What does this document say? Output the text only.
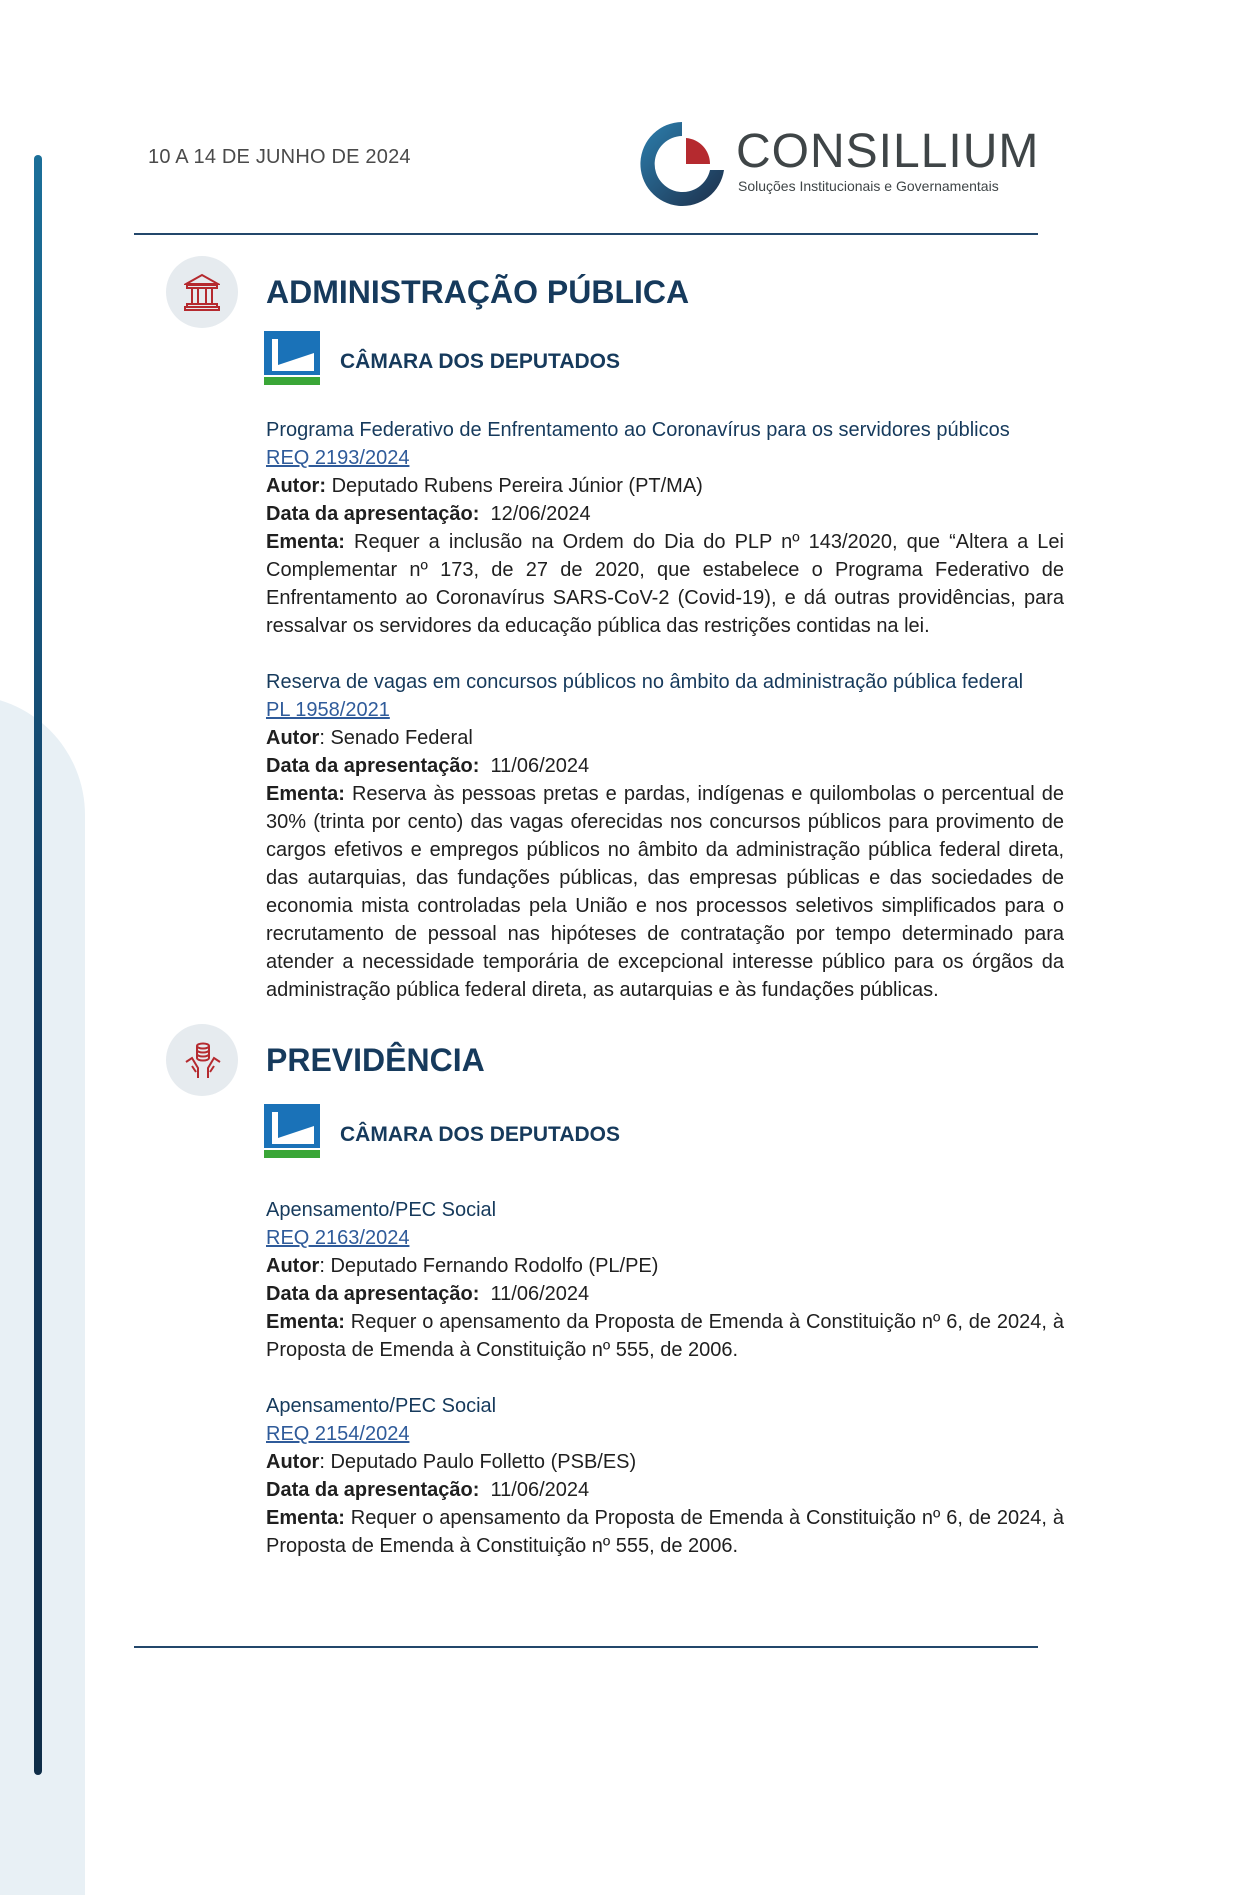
10 A 14 DE JUNHO DE 2024	CONSILLIUM
Soluções Institucionais e Governamentais
ADMINISTRAÇÃO PÚBLICA
CÂMARA DOS DEPUTADOS
Programa Federativo de Enfrentamento ao Coronavírus para os servidores públicos
REQ 2193/2024
Autor: Deputado Rubens Pereira Júnior (PT/MA)
Data da apresentação: 12/06/2024
Ementa: Requer a inclusão na Ordem do Dia do PLP nº 143/2020, que “Altera a Lei Complementar nº 173, de 27 de 2020, que estabelece o Programa Federativo de Enfrentamento ao Coronavírus SARS-CoV-2 (Covid-19), e dá outras providências, para ressalvar os servidores da educação pública das restrições contidas na lei.
Reserva de vagas em concursos públicos no âmbito da administração pública federal
PL 1958/2021
Autor: Senado Federal
Data da apresentação: 11/06/2024
Ementa: Reserva às pessoas pretas e pardas, indígenas e quilombolas o percentual de 30% (trinta por cento) das vagas oferecidas nos concursos públicos para provimento de cargos efetivos e empregos públicos no âmbito da administração pública federal direta, das autarquias, das fundações públicas, das empresas públicas e das sociedades de economia mista controladas pela União e nos processos seletivos simplificados para o recrutamento de pessoal nas hipóteses de contratação por tempo determinado para atender a necessidade temporária de excepcional interesse público para os órgãos da administração pública federal direta, as autarquias e às fundações públicas.
PREVIDÊNCIA
CÂMARA DOS DEPUTADOS
Apensamento/PEC Social
REQ 2163/2024
Autor: Deputado Fernando Rodolfo (PL/PE)
Data da apresentação: 11/06/2024
Ementa: Requer o apensamento da Proposta de Emenda à Constituição nº 6, de 2024, à Proposta de Emenda à Constituição nº 555, de 2006.
Apensamento/PEC Social
REQ 2154/2024
Autor: Deputado Paulo Folletto (PSB/ES)
Data da apresentação: 11/06/2024
Ementa: Requer o apensamento da Proposta de Emenda à Constituição nº 6, de 2024, à Proposta de Emenda à Constituição nº 555, de 2006.
